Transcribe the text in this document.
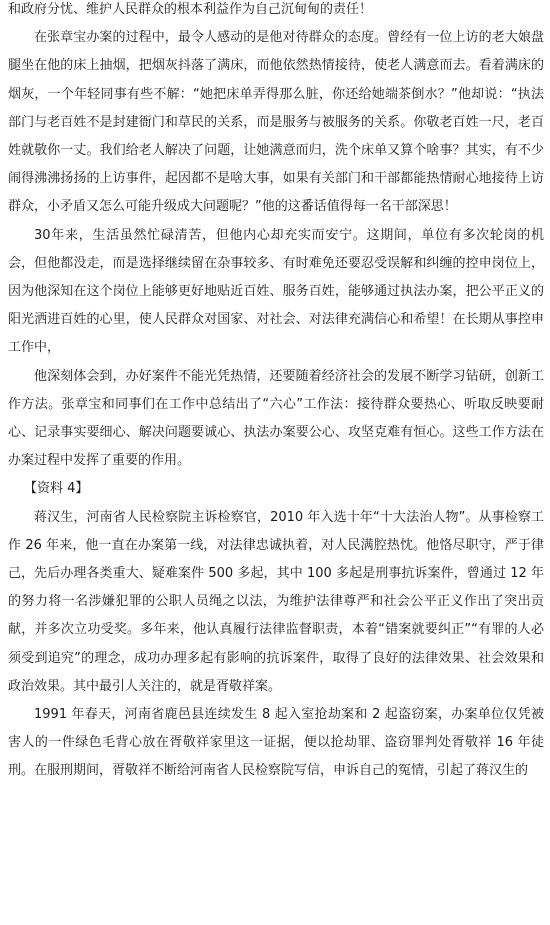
和政府分忧、维护人民群众的根本利益作为自己沉甸甸的责任！

在张章宝办案的过程中，最令人感动的是他对待群众的态度。曾经有一位上访的老大娘盘腿坐在他的床上抽烟，把烟灰抖落了满床，而他依然热情接待，使老人满意而去。看着满床的烟灰，一个年轻同事有些不解：“她把床单弄得那么脏，你还给她端茶倒水？”他却说：“执法部门与老百姓不是封建衙门和草民的关系，而是服务与被服务的关系。你敬老百姓一尺，老百姓就敬你一丈。我们给老人解决了问题，让她满意而归，洗个床单又算个啥事？其实，有不少闹得沸沸扬扬的上访事件，起因都不是啥大事，如果有关部门和干部都能热情耐心地接待上访群众，小矛盾又怎么可能升级成大问题呢？”他的这番话值得每一名干部深思！

30年来，生活虽然忙碌清苦，但他内心却充实而安宁。这期间，单位有多次轮岗的机会，但他都没走，而是选择继续留在杂事较多、有时难免还要忍受误解和纠缠的控申岗位上，因为他深知在这个岗位上能够更好地贴近百姓、服务百姓，能够通过执法办案，把公平正义的阳光洒进百姓的心里，使人民群众对国家、对社会、对法律充满信心和希望！在长期从事控申工作中，

他深刻体会到，办好案件不能光凭热情，还要随着经济社会的发展不断学习钻研，创新工作方法。张章宝和同事们在工作中总结出了“六心”工作法：接待群众要热心、听取反映要耐心、记录事实要细心、解决问题要诚心、执法办案要公心、攻坚克难有恒心。这些工作方法在办案过程中发挥了重要的作用。

【资料 4】

蒋汉生，河南省人民检察院主诉检察官，2010 年入选十年“十大法治人物”。从事检察工作 26 年来，他一直在办案第一线，对法律忠诚执着，对人民满腔热忱。他恪尽职守，严于律己，先后办理各类重大、疑难案件 500 多起，其中 100 多起是刑事抗诉案件，曾通过 12 年的努力将一名涉嫌犯罪的公职人员绳之以法，为维护法律尊严和社会公平正义作出了突出贡献，并多次立功受奖。多年来，他认真履行法律监督职责，本着“错案就要纠正”“有罪的人必须受到追究”的理念，成功办理多起有影响的抗诉案件，取得了良好的法律效果、社会效果和政治效果。其中最引人关注的，就是胥敬祥案。

1991 年春天，河南省鹿邑县连续发生 8 起入室抢劫案和 2 起盗窃案，办案单位仅凭被害人的一件绿色毛背心放在胥敬祥家里这一证据，便以抢劫罪、盗窃罪判处胥敬祥 16 年徒刑。在服刑期间，胥敬祥不断给河南省人民检察院写信，申诉自己的冤情，引起了蒋汉生的
